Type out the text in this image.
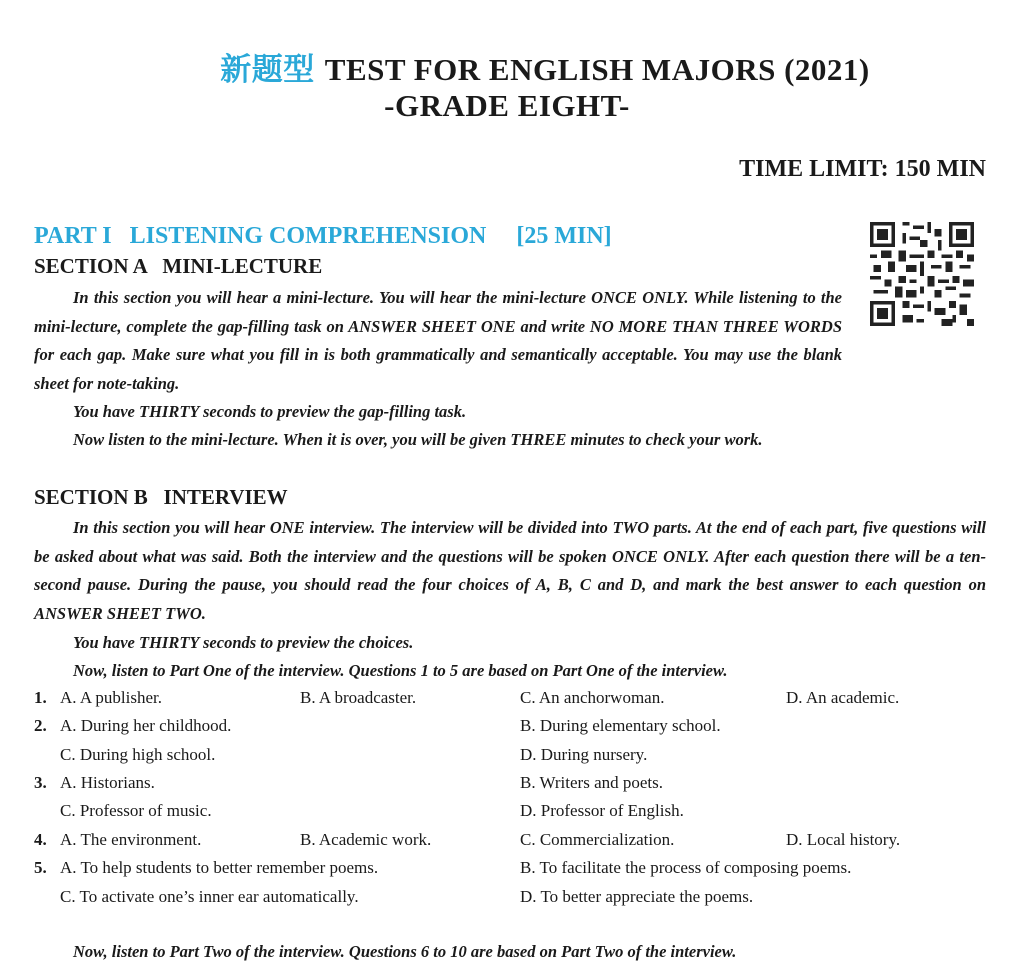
新题型 TEST FOR ENGLISH MAJORS (2021)
-GRADE EIGHT-
TIME LIMIT: 150 MIN
PART I   LISTENING COMPREHENSION [25 MIN]
SECTION A   MINI-LECTURE

In this section you will hear a mini-lecture. You will hear the mini-lecture ONCE ONLY. While listening to the mini-lecture, complete the gap-filling task on ANSWER SHEET ONE and write NO MORE THAN THREE WORDS for each gap. Make sure what you fill in is both grammatically and semantically acceptable. You may use the blank sheet for note-taking.

You have THIRTY seconds to preview the gap-filling task.

Now listen to the mini-lecture. When it is over, you will be given THREE minutes to check your work.

SECTION B   INTERVIEW

In this section you will hear ONE interview. The interview will be divided into TWO parts. At the end of each part, five questions will be asked about what was said. Both the interview and the questions will be spoken ONCE ONLY. After each question there will be a ten-second pause. During the pause, you should read the four choices of A, B, C and D, and mark the best answer to each question on ANSWER SHEET TWO.

You have THIRTY seconds to preview the choices.

Now, listen to Part One of the interview. Questions 1 to 5 are based on Part One of the interview.

1. A. A publisher.	B. A broadcaster.	C. An anchorwoman.	D. An academic.
2. A. During her childhood.	B. During elementary school.
C. During high school.	D. During nursery.
3. A. Historians.	B. Writers and poets.
C. Professor of music.	D. Professor of English.
4. A. The environment.	B. Academic work.	C. Commercialization.	D. Local history.
5. A. To help students to better remember poems.	B. To facilitate the process of composing poems.
C. To activate one’s inner ear automatically.	D. To better appreciate the poems.

Now, listen to Part Two of the interview. Questions 6 to 10 are based on Part Two of the interview.
